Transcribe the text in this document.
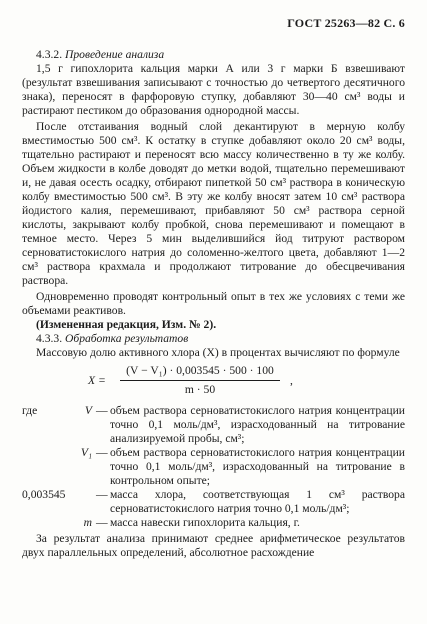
ГОСТ 25263—82 С. 6

4.3.2. Проведение анализа

1,5 г гипохлорита кальция марки А или 3 г марки Б взвешивают (результат взвешивания записывают с точностью до четвертого десятичного знака), переносят в фарфоровую ступку, добавляют 30—40 см³ воды и растирают пестиком до образования однородной массы.

После отстаивания водный слой декантируют в мерную колбу вместимостью 500 см³. К остатку в ступке добавляют около 20 см³ воды, тщательно растирают и переносят всю массу количественно в ту же колбу. Объем жидкости в колбе доводят до метки водой, тщательно перемешивают и, не давая осесть осадку, отбирают пипеткой 50 см³ раствора в коническую колбу вместимостью 500 см³. В эту же колбу вносят затем 10 см³ раствора йодистого калия, перемешивают, прибавляют 50 см³ раствора серной кислоты, закрывают колбу пробкой, снова перемешивают и помещают в темное место. Через 5 мин выделившийся йод титруют раствором серноватистокислого натрия до соломенно-желтого цвета, добавляют 1—2 см³ раствора крахмала и продолжают титрование до обесцвечивания раствора.

Одновременно проводят контрольный опыт в тех же условиях с теми же объемами реактивов.

(Измененная редакция, Изм. № 2).

4.3.3. Обработка результатов

Массовую долю активного хлора (X) в процентах вычисляют по формуле

$X = \frac{\text{(V − V₁) · 0,003545 · 500 · 100}}{m \cdot 50}$ ,
где	V	—	объем раствора серноватистокислого натрия концентрации точно 0,1 моль/дм³, израсходованный на титрование анализируемой пробы, см³;
	V₁	—	объем раствора серноватистокислого натрия концентрации точно 0,1 моль/дм³, израсходованный на титрование в контрольном опыте;
0,003545		—	масса хлора, соответствующая 1 см³ раствора серноватистокислого натрия точно 0,1 моль/дм³;
	m	—	масса навески гипохлорита кальция, г.

За результат анализа принимают среднее арифметическое результатов двух параллельных определений, абсолютное расхождение
